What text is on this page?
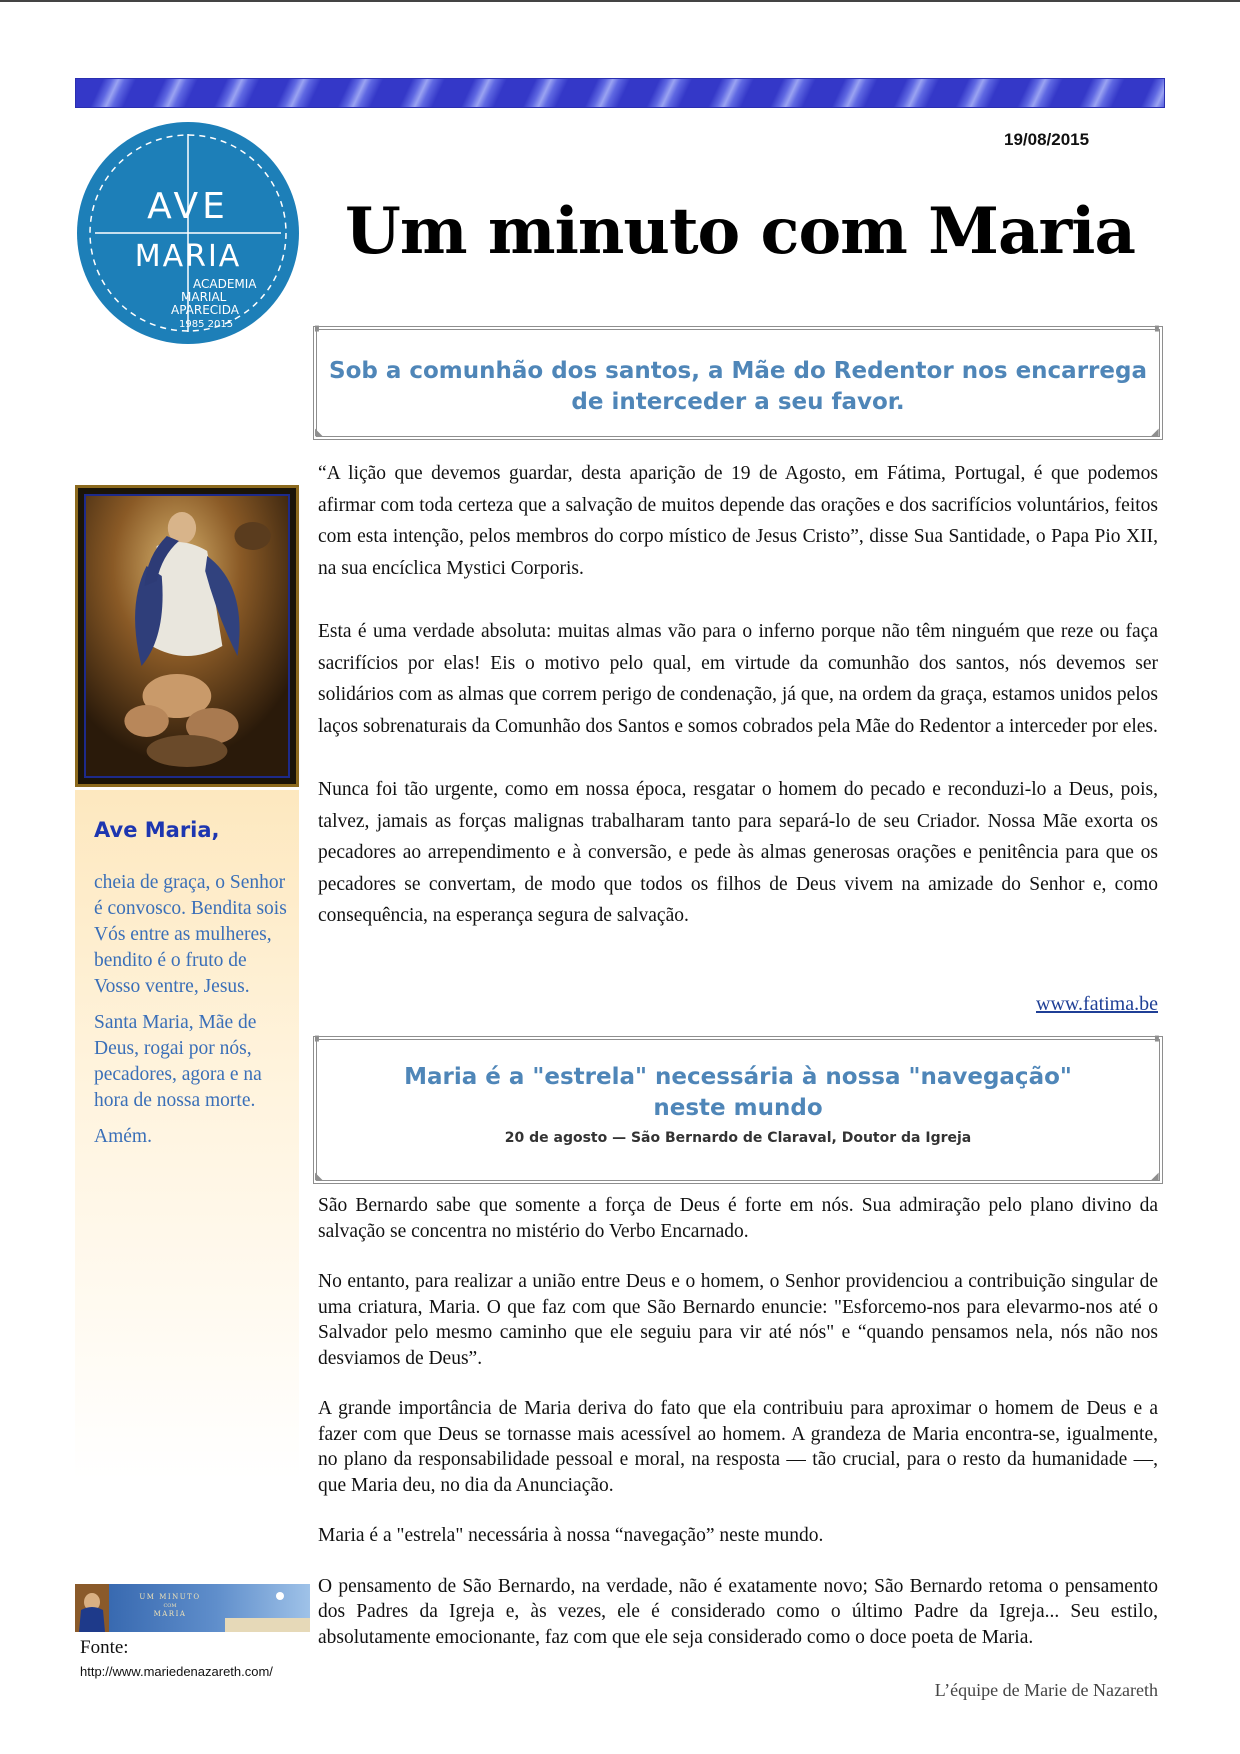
19/08/2015
AVE
MARIA
ACADEMIA
MARIAL
APARECIDA
1985 2015
Um minuto com Maria
▘	▝
◣	◢
Sob a comunhão dos santos, a Mãe do Redentor nos encarrega
de interceder a seu favor.

“A lição que devemos guardar, desta aparição de 19 de Agosto, em Fátima, Portugal, é que podemos afirmar com toda certeza que a salvação de muitos depende das orações e dos sacrifícios voluntários, feitos com esta intenção, pelos membros do corpo místico de Jesus Cristo”, disse Sua Santidade, o Papa Pio XII, na sua encíclica Mystici Corporis.

Esta é uma verdade absoluta: muitas almas vão para o inferno porque não têm ninguém que reze ou faça sacrifícios por elas! Eis o motivo pelo qual, em virtude da comunhão dos santos, nós devemos ser solidários com as almas que correm perigo de condenação, já que, na ordem da graça, estamos unidos pelos laços sobrenaturais da Comunhão dos Santos e somos cobrados pela Mãe do Redentor a interceder por eles.

Nunca foi tão urgente, como em nossa época, resgatar o homem do pecado e reconduzi-lo a Deus, pois, talvez, jamais as forças malignas trabalharam tanto para separá-lo de seu Criador. Nossa Mãe exorta os pecadores ao arrependimento e à conversão, e pede às almas generosas orações e penitência para que os pecadores se convertam, de modo que todos os filhos de Deus vivem na amizade do Senhor e, como consequência, na esperança segura de salvação.

www.fatima.be
▘	▝
◣	◢
Maria é a "estrela" necessária à nossa "navegação"
neste mundo
20 de agosto — São Bernardo de Claraval, Doutor da Igreja

São Bernardo sabe que somente a força de Deus é forte em nós. Sua admiração pelo plano divino da salvação se concentra no mistério do Verbo Encarnado.

No entanto, para realizar a união entre Deus e o homem, o Senhor providenciou a contribuição singular de uma criatura, Maria. O que faz com que São Bernardo enuncie: "Esforcemo-nos para elevarmo-nos até o Salvador pelo mesmo caminho que ele seguiu para vir até nós" e “quando pensamos nela, nós não nos desviamos de Deus”.

A grande importância de Maria deriva do fato que ela contribuiu para aproximar o homem de Deus e a fazer com que Deus se tornasse mais acessível ao homem. A grandeza de Maria encontra-se, igualmente, no plano da responsabilidade pessoal e moral, na resposta — tão crucial, para o resto da humanidade —, que Maria deu, no dia da Anunciação.

Maria é a "estrela" necessária à nossa “navegação” neste mundo.

O pensamento de São Bernardo, na verdade, não é exatamente novo; São Bernardo retoma o pensamento dos Padres da Igreja e, às vezes, ele é considerado como o último Padre da Igreja... Seu estilo, absolutamente emocionante, faz com que ele seja considerado como o doce poeta de Maria.

Ave Maria,

cheia de graça, o Senhor é convosco. Bendita sois Vós entre as mulheres, bendito é o fruto de Vosso ventre, Jesus.

Santa Maria, Mãe de Deus, rogai por nós, pecadores, agora e na hora de nossa morte.

Amém.

UM MINUTO
COM
MARIA
Fonte:
http://www.mariedenazareth.com/
L’équipe de Marie de Nazareth
